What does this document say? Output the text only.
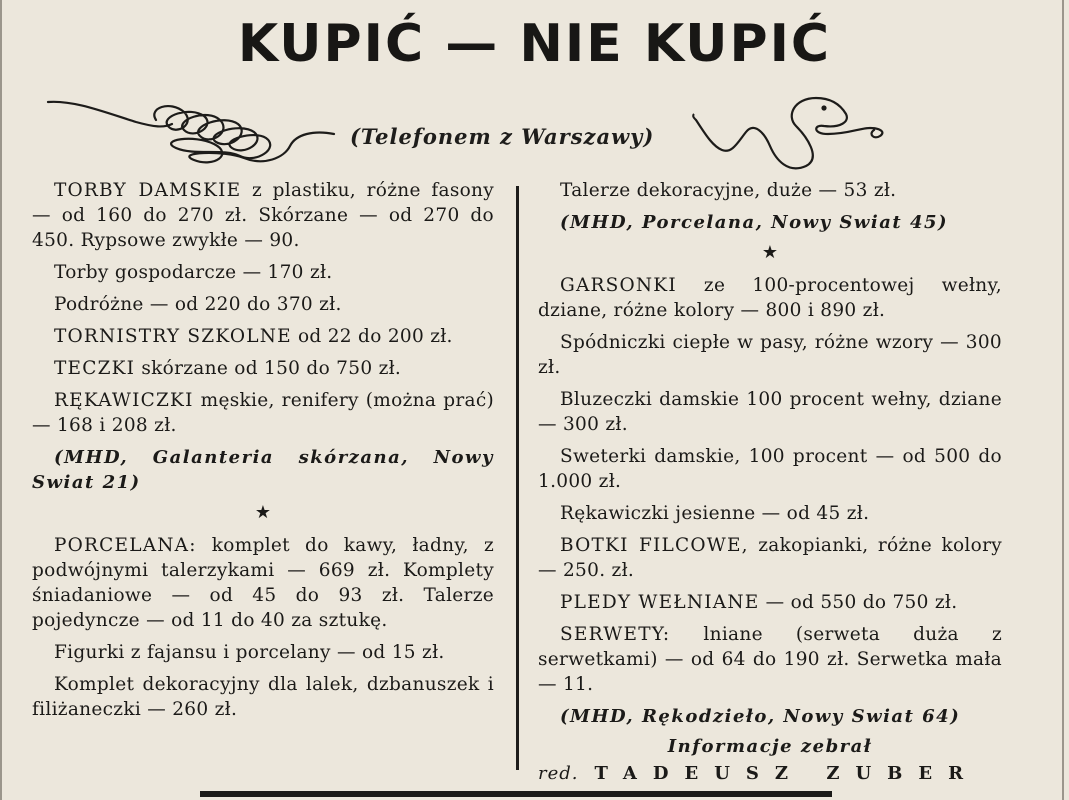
KUPIĆ — NIE KUPIĆ
(Telefonem z Warszawy)

TORBY DAMSKIE z plastiku, różne fasony — od 160 do 270 zł. Skórzane — od 270 do 450. Rypsowe zwykłe — 90.

Torby gospodarcze — 170 zł.

Podróżne — od 220 do 370 zł.

TORNISTRY SZKOLNE od 22 do 200 zł.

TECZKI skórzane od 150 do 750 zł.

RĘKAWICZKI męskie, renifery (można prać) — 168 i 208 zł.

(MHD, Galanteria skórzana, Nowy Swiat 21)

★

PORCELANA: komplet do kawy, ładny, z podwójnymi talerzykami — 669 zł. Komplety śniadaniowe — od 45 do 93 zł. Talerze pojedyncze — od 11 do 40 za sztukę.

Figurki z fajansu i porcelany — od 15 zł.

Komplet dekoracyjny dla lalek, dzbanuszek i filiżaneczki — 260 zł.

Talerze dekoracyjne, duże — 53 zł.

(MHD, Porcelana, Nowy Swiat 45)

★

GARSONKI ze 100-procentowej wełny, dziane, różne kolory — 800 i 890 zł.

Spódniczki ciepłe w pasy, różne wzory — 300 zł.

Bluzeczki damskie 100 procent wełny, dziane — 300 zł.

Sweterki damskie, 100 procent — od 500 do 1.000 zł.

Rękawiczki jesienne — od 45 zł.

BOTKI FILCOWE, zakopianki, różne kolory — 250. zł.

PLEDY WEŁNIANE — od 550 do 750 zł.

SERWETY: lniane (serweta duża z serwetkami) — od 64 do 190 zł. Serwetka mała — 11.

(MHD, Rękodzieło, Nowy Swiat 64)

Informacje zebrał
red. TADEUSZ ZUBER
